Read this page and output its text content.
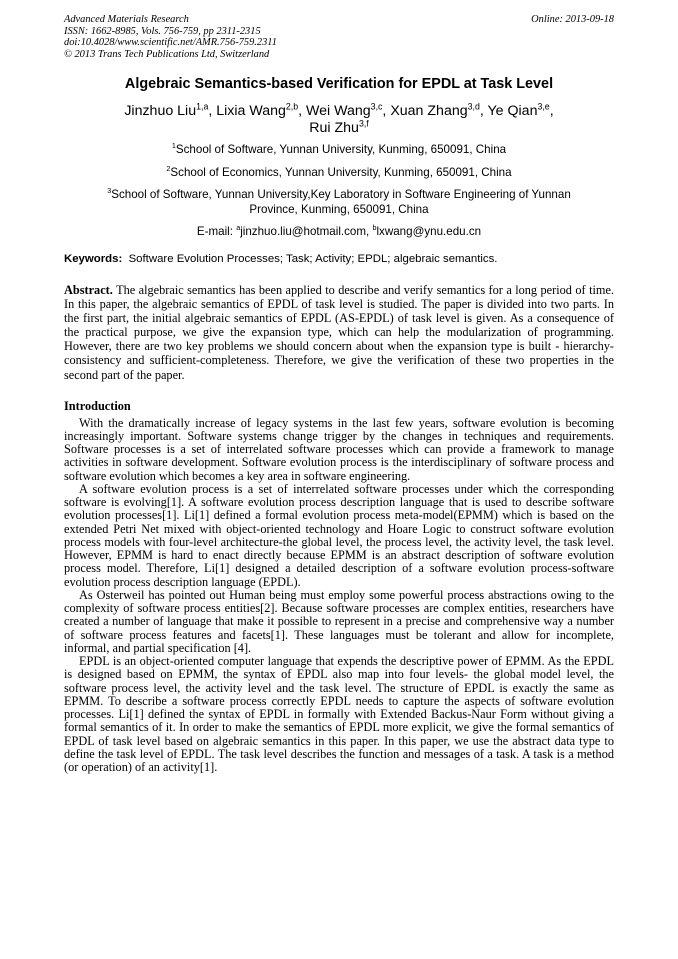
Advanced Materials Research
ISSN: 1662-8985, Vols. 756-759, pp 2311-2315
doi:10.4028/www.scientific.net/AMR.756-759.2311
© 2013 Trans Tech Publications Ltd, Switzerland
Online: 2013-09-18
Algebraic Semantics-based Verification for EPDL at Task Level
Jinzhuo Liu$^{1,a}$, Lixia Wang$^{2,b}$, Wei Wang$^{3,c}$, Xuan Zhang$^{3,d}$, Ye Qian$^{3,e}$,
Rui Zhu$^{3,f}$
$^1$School of Software, Yunnan University, Kunming, 650091, China
$^2$School of Economics, Yunnan University, Kunming, 650091, China
$^3$School of Software, Yunnan University,Key Laboratory in Software Engineering of Yunnan Province, Kunming, 650091, China
E-mail: $^a$jinzhuo.liu@hotmail.com, $^b$lxwang@ynu.edu.cn
Keywords: Software Evolution Processes; Task; Activity; EPDL; algebraic semantics.
Abstract. The algebraic semantics has been applied to describe and verify semantics for a long period of time. In this paper, the algebraic semantics of EPDL of task level is studied. The paper is divided into two parts. In the first part, the initial algebraic semantics of EPDL (AS-EPDL) of task level is given. As a consequence of the practical purpose, we give the expansion type, which can help the modularization of programming. However, there are two key problems we should concern about when the expansion type is built - hierarchy-consistency and sufficient-completeness. Therefore, we give the verification of these two properties in the second part of the paper.
Introduction

With the dramatically increase of legacy systems in the last few years, software evolution is becoming increasingly important. Software systems change trigger by the changes in techniques and requirements. Software processes is a set of interrelated software processes which can provide a framework to manage activities in software development. Software evolution process is the interdisciplinary of software process and software evolution which becomes a key area in software engineering.

A software evolution process is a set of interrelated software processes under which the corresponding software is evolving[1]. A software evolution process description language that is used to describe software evolution processes[1]. Li[1] defined a formal evolution process meta-model(EPMM) which is based on the extended Petri Net mixed with object-oriented technology and Hoare Logic to construct software evolution process models with four-level architecture-the global level, the process level, the activity level, the task level. However, EPMM is hard to enact directly because EPMM is an abstract description of software evolution process model. Therefore, Li[1] designed a detailed description of a software evolution process-software evolution process description language (EPDL).

As Osterweil has pointed out Human being must employ some powerful process abstractions owing to the complexity of software process entities[2]. Because software processes are complex entities, researchers have created a number of language that make it possible to represent in a precise and comprehensive way a number of software process features and facets[1]. These languages must be tolerant and allow for incomplete, informal, and partial specification [4].

EPDL is an object-oriented computer language that expends the descriptive power of EPMM. As the EPDL is designed based on EPMM, the syntax of EPDL also map into four levels- the global model level, the software process level, the activity level and the task level. The structure of EPDL is exactly the same as EPMM. To describe a software process correctly EPDL needs to capture the aspects of software evolution processes. Li[1] defined the syntax of EPDL in formally with Extended Backus-Naur Form without giving a formal semantics of it. In order to make the semantics of EPDL more explicit, we give the formal semantics of EPDL of task level based on algebraic semantics in this paper. In this paper, we use the abstract data type to define the task level of EPDL. The task level describes the function and messages of a task. A task is a method (or operation) of an activity[1].
